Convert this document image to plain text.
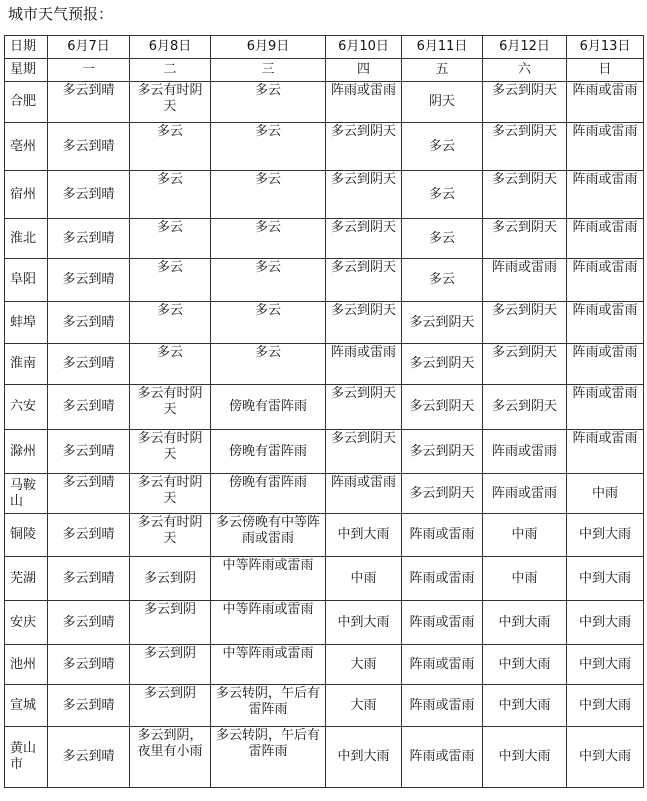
城市天气预报：
日期	6月7日	6月8日	6月9日	6月10日	6月11日	6月12日	6月13日
星期	一	二	三	四	五	六	日
合肥	多云到晴	多云有时阴天	多云	阵雨或雷雨	阴天	多云到阴天	阵雨或雷雨
亳州	多云到晴	多云	多云	多云到阴天	多云	多云到阴天	阵雨或雷雨
宿州	多云到晴	多云	多云	多云到阴天	多云	多云到阴天	阵雨或雷雨
淮北	多云到晴	多云	多云	多云到阴天	多云	多云到阴天	阵雨或雷雨
阜阳	多云到晴	多云	多云	多云到阴天	多云	阵雨或雷雨	阵雨或雷雨
蚌埠	多云到晴	多云	多云	多云到阴天	多云到阴天	多云到阴天	阵雨或雷雨
淮南	多云到晴	多云	多云	阵雨或雷雨	多云到阴天	多云到阴天	阵雨或雷雨
六安	多云到晴	多云有时阴天	傍晚有雷阵雨	多云到阴天	多云到阴天	多云到阴天	阵雨或雷雨
滁州	多云到晴	多云有时阴天	傍晚有雷阵雨	多云到阴天	多云到阴天	阵雨或雷雨	阵雨或雷雨
马鞍山	多云到晴	多云有时阴天	傍晚有雷阵雨	阵雨或雷雨	多云到阴天	阵雨或雷雨	中雨
铜陵	多云到晴	多云有时阴天	多云傍晚有中等阵雨或雷雨	中到大雨	阵雨或雷雨	中雨	中到大雨
芜湖	多云到晴	多云到阴	中等阵雨或雷雨	中雨	阵雨或雷雨	中雨	中到大雨
安庆	多云到晴	多云到阴	中等阵雨或雷雨	中到大雨	阵雨或雷雨	中到大雨	中到大雨
池州	多云到晴	多云到阴	中等阵雨或雷雨	大雨	阵雨或雷雨	中到大雨	中到大雨
宣城	多云到晴	多云到阴	多云转阴，午后有雷阵雨	大雨	阵雨或雷雨	中到大雨	中到大雨
黄山市	多云到晴	多云到阴，夜里有小雨	多云转阴，午后有雷阵雨	中到大雨	阵雨或雷雨	中到大雨	中到大雨
